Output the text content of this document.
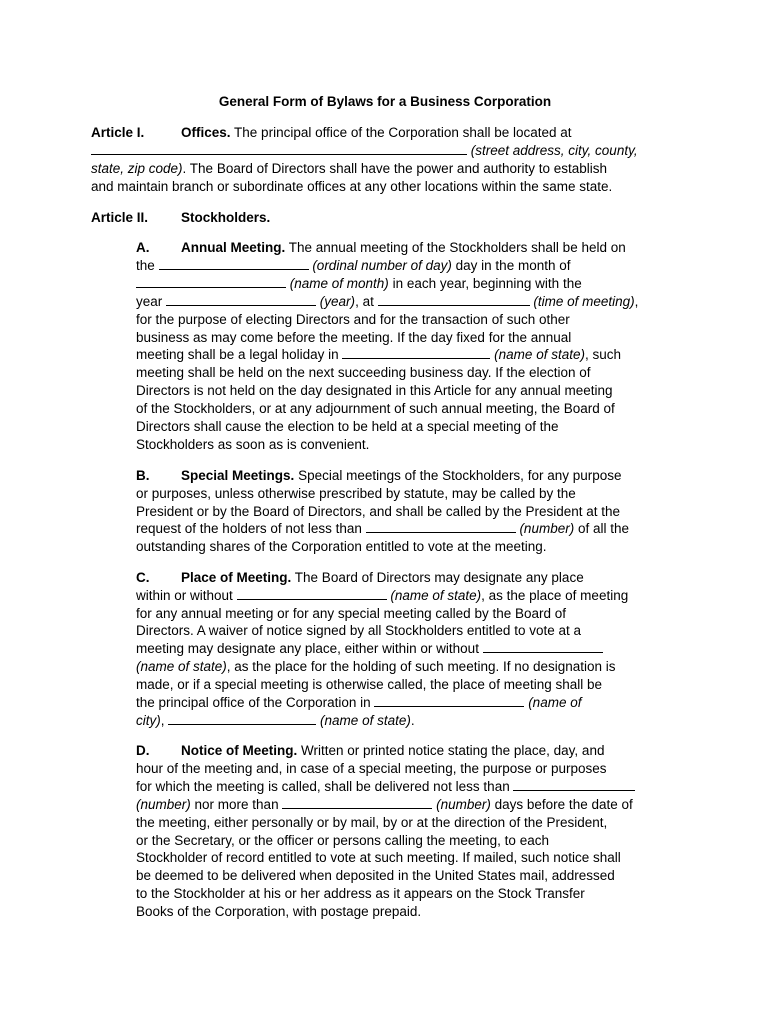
General Form of Bylaws for a Business Corporation
Article I.	Offices. The principal office of the Corporation shall be located at
(street address, city, county,
state, zip code). The Board of Directors shall have the power and authority to establish
and maintain branch or subordinate offices at any other locations within the same state.
Article II. Stockholders.
A. Annual Meeting. The annual meeting of the Stockholders shall be held on
the	(ordinal number of day) day in the month of
(name of month) in each year, beginning with the
year	(year), at	(time of meeting),
for the purpose of electing Directors and for the transaction of such other
business as may come before the meeting. If the day fixed for the annual
meeting shall be a legal holiday in	(name of state), such
meeting shall be held on the next succeeding business day. If the election of
Directors is not held on the day designated in this Article for any annual meeting
of the Stockholders, or at any adjournment of such annual meeting, the Board of
Directors shall cause the election to be held at a special meeting of the
Stockholders as soon as is convenient.
B. Special Meetings. Special meetings of the Stockholders, for any purpose
or purposes, unless otherwise prescribed by statute, may be called by the
President or by the Board of Directors, and shall be called by the President at the
request of the holders of not less than	(number) of all the
outstanding shares of the Corporation entitled to vote at the meeting.
C. Place of Meeting. The Board of Directors may designate any place
within or without	(name of state), as the place of meeting
for any annual meeting or for any special meeting called by the Board of
Directors. A waiver of notice signed by all Stockholders entitled to vote at a
meeting may designate any place, either within or without
(name of state), as the place for the holding of such meeting. If no designation is
made, or if a special meeting is otherwise called, the place of meeting shall be
the principal office of the Corporation in	(name of
city),	(name of state).
D. Notice of Meeting. Written or printed notice stating the place, day, and
hour of the meeting and, in case of a special meeting, the purpose or purposes
for which the meeting is called, shall be delivered not less than
(number) nor more than	(number) days before the date of
the meeting, either personally or by mail, by or at the direction of the President,
or the Secretary, or the officer or persons calling the meeting, to each
Stockholder of record entitled to vote at such meeting. If mailed, such notice shall
be deemed to be delivered when deposited in the United States mail, addressed
to the Stockholder at his or her address as it appears on the Stock Transfer
Books of the Corporation, with postage prepaid.
